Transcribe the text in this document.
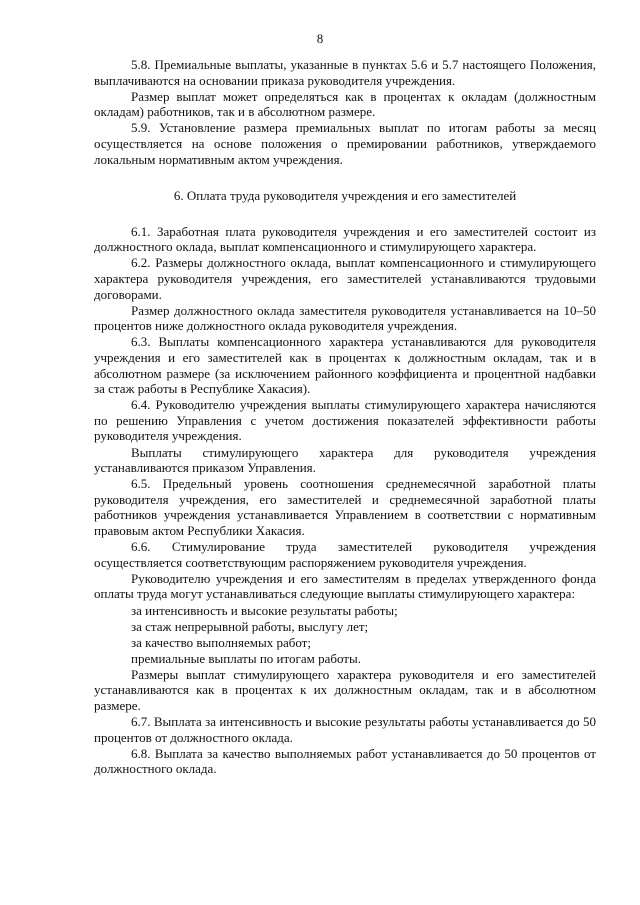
8

5.8. Премиальные выплаты, указанные в пунктах 5.6 и 5.7 настоящего Положения, выплачиваются на основании приказа руководителя учреждения.

Размер выплат может определяться как в процентах к окладам (должностным окладам) работников, так и в абсолютном размере.

5.9. Установление размера премиальных выплат по итогам работы за месяц осуществляется на основе положения о премировании работников, утверждаемого локальным нормативным актом учреждения.

6. Оплата труда руководителя учреждения и его заместителей

6.1. Заработная плата руководителя учреждения и его заместителей состоит из должностного оклада, выплат компенсационного и стимулирующего характера.

6.2. Размеры должностного оклада, выплат компенсационного и стимулирующего характера руководителя учреждения, его заместителей устанавливаются трудовыми договорами.

Размер должностного оклада заместителя руководителя устанавливается на 10–50 процентов ниже должностного оклада руководителя учреждения.

6.3. Выплаты компенсационного характера устанавливаются для руководителя учреждения и его заместителей как в процентах к должностным окладам, так и в абсолютном размере (за исключением районного коэффициента и процентной надбавки за стаж работы в Республике Хакасия).

6.4. Руководителю учреждения выплаты стимулирующего характера начисляются по решению Управления с учетом достижения показателей эффективности работы руководителя учреждения.

Выплаты стимулирующего характера для руководителя учреждения устанавливаются приказом Управления.

6.5. Предельный уровень соотношения среднемесячной заработной платы руководителя учреждения, его заместителей и среднемесячной заработной платы работников учреждения устанавливается Управлением в соответствии с нормативным правовым актом Республики Хакасия.

6.6. Стимулирование труда заместителей руководителя учреждения осуществляется соответствующим распоряжением руководителя учреждения.

Руководителю учреждения и его заместителям в пределах утвержденного фонда оплаты труда могут устанавливаться следующие выплаты стимулирующего характера:

за интенсивность и высокие результаты работы;

за стаж непрерывной работы, выслугу лет;

за качество выполняемых работ;

премиальные выплаты по итогам работы.

Размеры выплат стимулирующего характера руководителя и его заместителей устанавливаются как в процентах к их должностным окладам, так и в абсолютном размере.

6.7. Выплата за интенсивность и высокие результаты работы устанавливается до 50 процентов от должностного оклада.

6.8. Выплата за качество выполняемых работ устанавливается до 50 процентов от должностного оклада.
